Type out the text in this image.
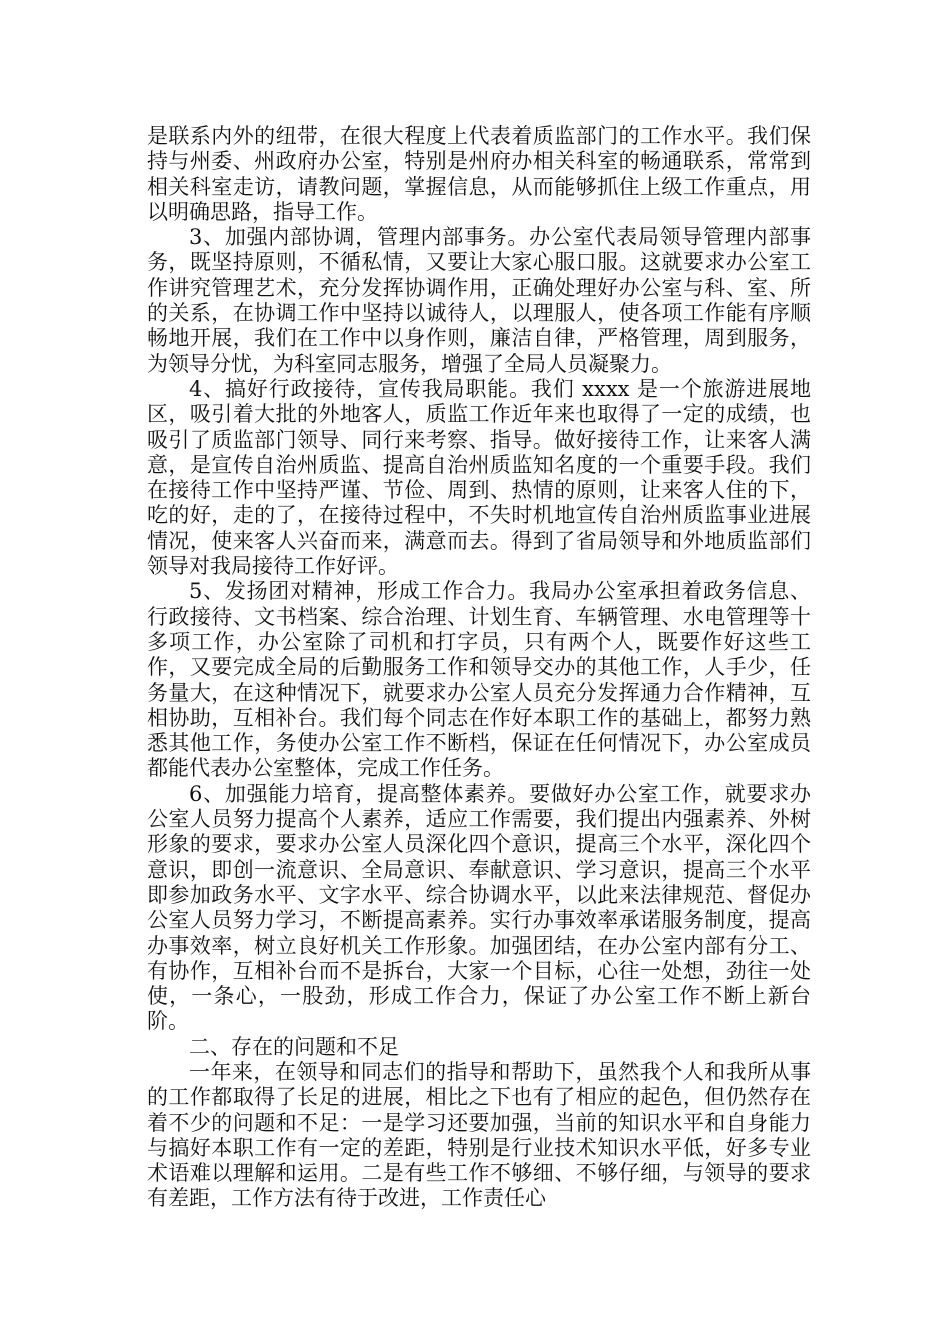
是联系内外的纽带，在很大程度上代表着质监部门的工作水平。我们保持与州委、州政府办公室，特别是州府办相关科室的畅通联系，常常到相关科室走访，请教问题，掌握信息，从而能够抓住上级工作重点，用以明确思路，指导工作。

3、加强内部协调，管理内部事务。办公室代表局领导管理内部事务，既坚持原则，不循私情，又要让大家心服口服。这就要求办公室工作讲究管理艺术，充分发挥协调作用，正确处理好办公室与科、室、所的关系，在协调工作中坚持以诚待人，以理服人，使各项工作能有序顺畅地开展，我们在工作中以身作则，廉洁自律，严格管理，周到服务，为领导分忧，为科室同志服务，增强了全局人员凝聚力。

4、搞好行政接待，宣传我局职能。我们 xxxx 是一个旅游进展地区，吸引着大批的外地客人，质监工作近年来也取得了一定的成绩，也吸引了质监部门领导、同行来考察、指导。做好接待工作，让来客人满意，是宣传自治州质监、提高自治州质监知名度的一个重要手段。我们在接待工作中坚持严谨、节俭、周到、热情的原则，让来客人住的下，吃的好，走的了，在接待过程中，不失时机地宣传自治州质监事业进展情况，使来客人兴奋而来，满意而去。得到了省局领导和外地质监部们领导对我局接待工作好评。

5、发扬团对精神，形成工作合力。我局办公室承担着政务信息、行政接待、文书档案、综合治理、计划生育、车辆管理、水电管理等十多项工作，办公室除了司机和打字员，只有两个人，既要作好这些工作，又要完成全局的后勤服务工作和领导交办的其他工作，人手少，任务量大，在这种情况下，就要求办公室人员充分发挥通力合作精神，互相协助，互相补台。我们每个同志在作好本职工作的基础上，都努力熟悉其他工作，务使办公室工作不断档，保证在任何情况下，办公室成员都能代表办公室整体，完成工作任务。

6、加强能力培育，提高整体素养。要做好办公室工作，就要求办公室人员努力提高个人素养，适应工作需要，我们提出内强素养、外树形象的要求，要求办公室人员深化四个意识，提高三个水平，深化四个意识，即创一流意识、全局意识、奉献意识、学习意识，提高三个水平即参加政务水平、文字水平、综合协调水平，以此来法律规范、督促办公室人员努力学习，不断提高素养。实行办事效率承诺服务制度，提高办事效率，树立良好机关工作形象。加强团结，在办公室内部有分工、有协作，互相补台而不是拆台，大家一个目标，心往一处想，劲往一处使，一条心，一股劲，形成工作合力，保证了办公室工作不断上新台阶。

二、存在的问题和不足

一年来，在领导和同志们的指导和帮助下，虽然我个人和我所从事的工作都取得了长足的进展，相比之下也有了相应的起色，但仍然存在着不少的问题和不足：一是学习还要加强，当前的知识水平和自身能力与搞好本职工作有一定的差距，特别是行业技术知识水平低，好多专业术语难以理解和运用。二是有些工作不够细、不够仔细，与领导的要求有差距，工作方法有待于改进，工作责任心
